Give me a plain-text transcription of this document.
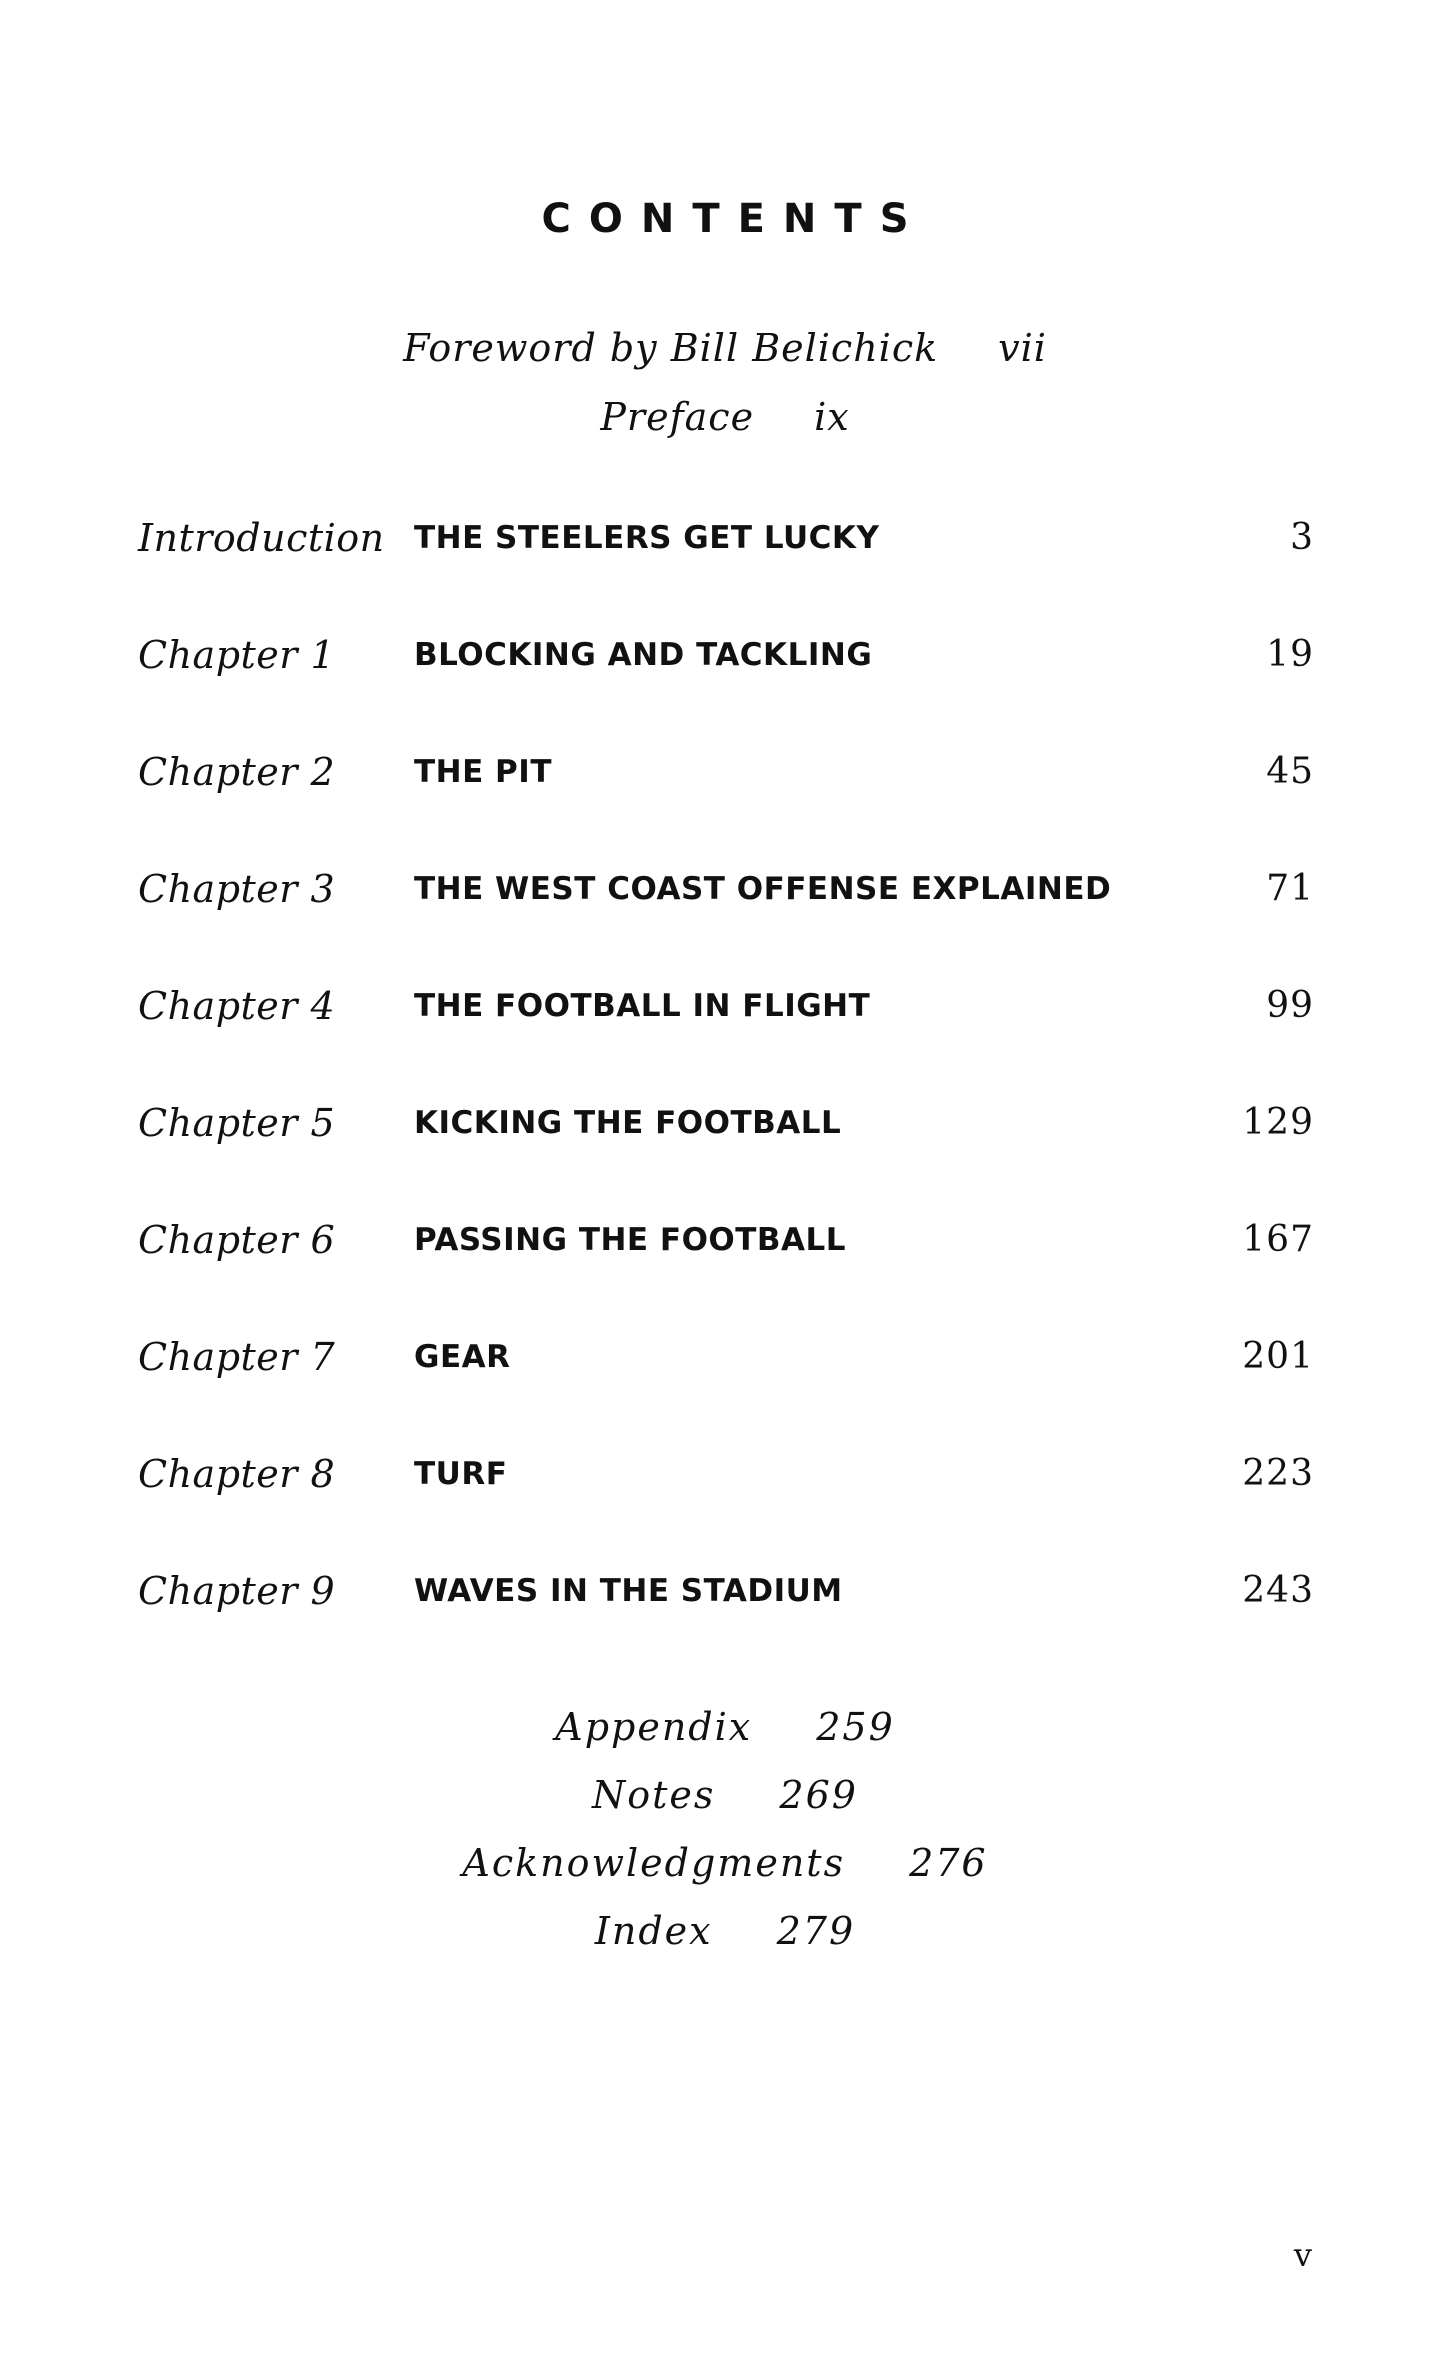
CONTENTS
Foreword by Bill Belichick vii
Preface ix
Introduction THE STEELERS GET LUCKY	3
Chapter 1	BLOCKING AND TACKLING	19
Chapter 2	THE PIT	45
Chapter 3	THE WEST COAST OFFENSE EXPLAINED	71
Chapter 4	THE FOOTBALL IN FLIGHT	99
Chapter 5	KICKING THE FOOTBALL	129
Chapter 6	PASSING THE FOOTBALL	167
Chapter 7	GEAR	201
Chapter 8	TURF	223
Chapter 9	WAVES IN THE STADIUM	243
Appendix 259
Notes 269
Acknowledgments 276
Index 279
v
